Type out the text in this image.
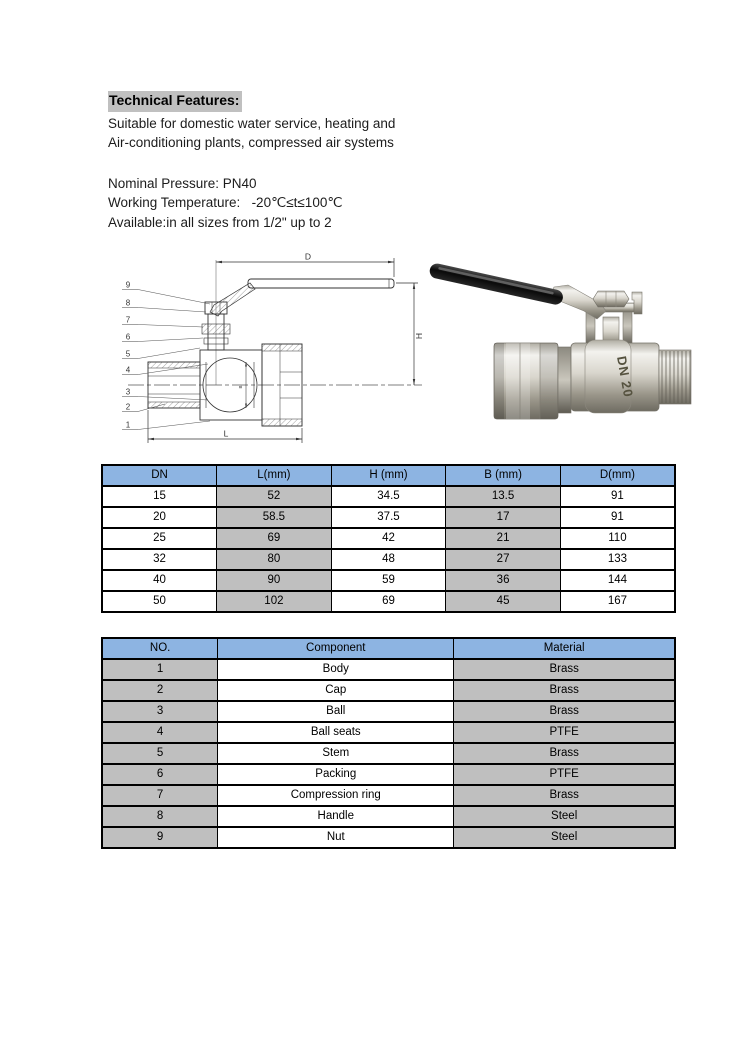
Technical Features:
Suitable for domestic water service, heating and
Air-conditioning plants, compressed air systems
Nominal Pressure: PN40
Working Temperature:   -20℃≤t≤100℃
Available:in all sizes from 1/2" up to 2
D
H
L
B
9
8
7
6
5
4
3
2
1
DN 20
DN	L(mm)	H (mm)	B (mm)	D(mm)
15	52	34.5	13.5	91
20	58.5	37.5	17	91
25	69	42	21	110
32	80	48	27	133
40	90	59	36	144
50	102	69	45	167
NO.	Component	Material
1	Body	Brass
2	Cap	Brass
3	Ball	Brass
4	Ball seats	PTFE
5	Stem	Brass
6	Packing	PTFE
7	Compression ring	Brass
8	Handle	Steel
9	Nut	Steel
